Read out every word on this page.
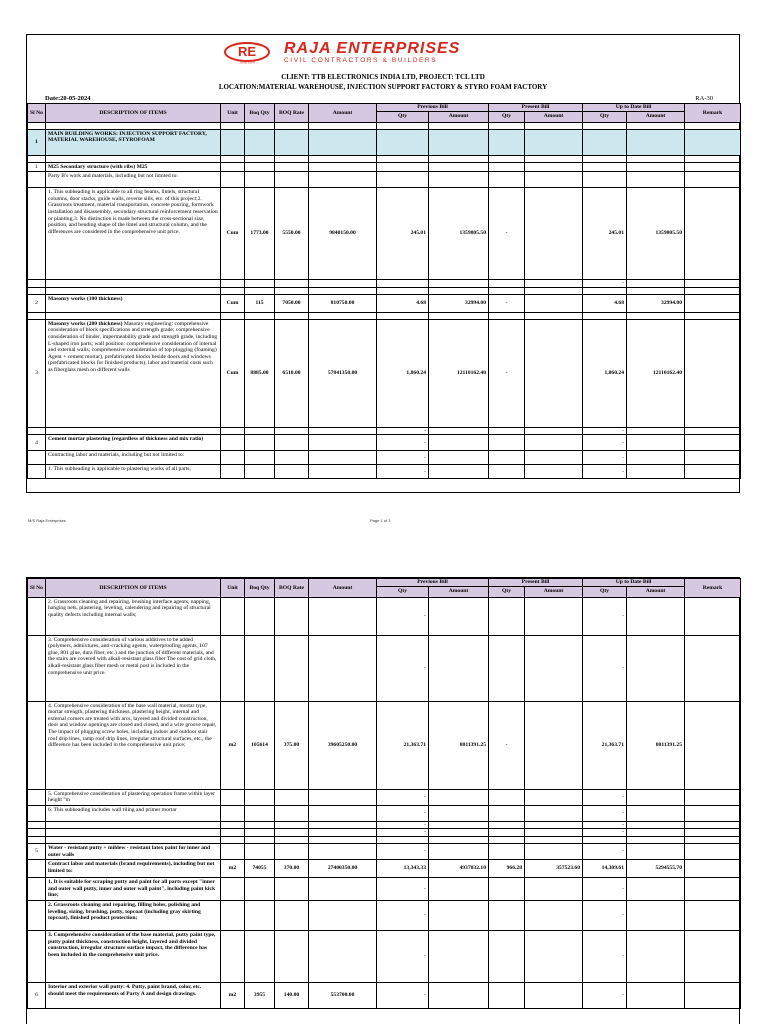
RE
Since 1994
RAJA ENTERPRISES
CIVIL CONTRACTORS & BUILDERS
CLIENT: TTB ELECTRONICS INDIA LTD, PROJECT: TCL LTD
LOCATION:MATERIAL WAREHOUSE, INJECTION SUPPORT FACTORY & STYRO FOAM FACTORY
Date:20-05-2024	RA-30
Sl No	DESCRIPTION OF ITEMS	Unit	Boq Qty	BOQ Rate	Amount	Previous Bill		Present Bill		Up to Date Bill		Remark
						Qty	Amount	Qty	Amount	Qty	Amount	

1	MAIN BUILDING WORKS: INJECTION SUPPORT FACTORY, MATERIAL WAREHOUSE, STYROFOAM											

1	M25 Secondary structure (with ribs) M25											
	Party B's work and materials, including but not limited to:											
	1. This subheading is applicable to all ring beams, lintels, structural columns, door stacks, guide walls, reverse sills, etc. of this project;2. Grassroots treatment, material transportation, concrete pouring, formwork installation and disassembly, secondary structural reinforcement reservation or planting;3. No distinction is made between the cross-sectional size, position, and bending shape of the lintel and structural column, and the differences are considered in the comprehensive unit price.	Cum	1773.00	5550.00	9840150.00	245.01	1359805.50	-		245.01	1359805.50	
										-		

2	Masonry works (100 thickness)	Cum	115	7050.00	810750.00	4.68	32994.00	-		4.68	32994.00	

3	Masonry works (200 thickness) Masonry engineering: comprehensive consideration of block specifications and strength grade; comprehensive consideration of binder, impermeability grade and strength grade, including L-shaped iron parts; wall position: comprehensive consideration of internal and external walls; comprehensive consideration of top plugging (foaming) Agent + cement mortar), prefabricated blocks beside doors and windows (prefabricated blocks for finished products), labor and material costs such as fiberglass mesh on different walls	Cum	8885.00	6510.00	57841350.00	1,860.24	12110162.40	-		1,860.24	12110162.40	
						-				-		
4	Cement mortar plastering (regardless of thickness and mix ratio)					-				-		
	Contracting labor and materials, including but not limited to:					-				-		
	1. This subheading is applicable to plastering works of all parts;					-				-		
M/S Raja Enterprises	Page 1 of 3
Sl No	DESCRIPTION OF ITEMS	Unit	Boq Qty	BOQ Rate	Amount	Previous Bill		Present Bill		Up to Date Bill		Remark
						Qty	Amount	Qty	Amount	Qty	Amount	
	2. Grassroots cleaning and repairing, brushing interface agents, napping, hanging nets, plastering, leveling, calendering and repairing of structural quality defects including internal walls;					-				-		
	3. Comprehensive consideration of various additives to be added (polymers, admixtures, anti-cracking agents, waterproofing agents, 107 glue, 801 glue, dura fiber, etc.) and the junction of different materials, and the stairs are covered with alkali-resistant glass fiber The cost of grid cloth, alkali-resistant glass fiber mesh or metal post is included in the comprehensive unit price.					-				-		
	4. Comprehensive consideration of the base wall material, mortar type, mortar strength, plastering thickness, plastering height, internal and external corners are treated with arcs, layered and divided construction, door and window openings are closed and closed, and a wire groove repair, The impact of plugging screw holes, including indoor and outdoor stair roof drip lines, ramp roof drip lines, irregular structural surfaces, etc., the difference has been included in the comprehensive unit price;	m2	105614	375.00	39605250.00	21,363.71	8011391.25	-		21,363.71	8011391.25	
	5. Comprehensive consideration of plastering operation frame within layer height °m					-				-		
	6. This subheading includes wall tiling and primer mortar					-				-		
						-				-		
						-				-		

5	Water - resistant putty + mildew - resistant latex paint for inner and outer walls					-				-		
	Contract labor and materials (brand requirements), including but not limited to:	m2	74055	370.00	27400350.00	13,343.33	4937032.10	966.28	357523.60	14,309.61	5294555.70	
	1. It is suitable for scraping putty and paint for all parts except "inner and outer wall putty, inner and outer wall paint", including paint kick line;					-				-		
	2. Grassroots cleaning and repairing, filling holes, polishing and leveling, sizing, brushing, putty, topcoat (including gray skirting topcoat), finished product protection;					-				-		
	3. Comprehensive consideration of the base material, putty paint type, putty paint thickness, construction height, layered and divided construction, irregular structure surface impact, the difference has been included in the comprehensive unit price.					-				-		
6	Interior and exterior wall putty: 4. Putty, paint brand, color, etc. should meet the requirements of Party A and design drawings.	m2	3955	140.00	553700.00	-				-		
